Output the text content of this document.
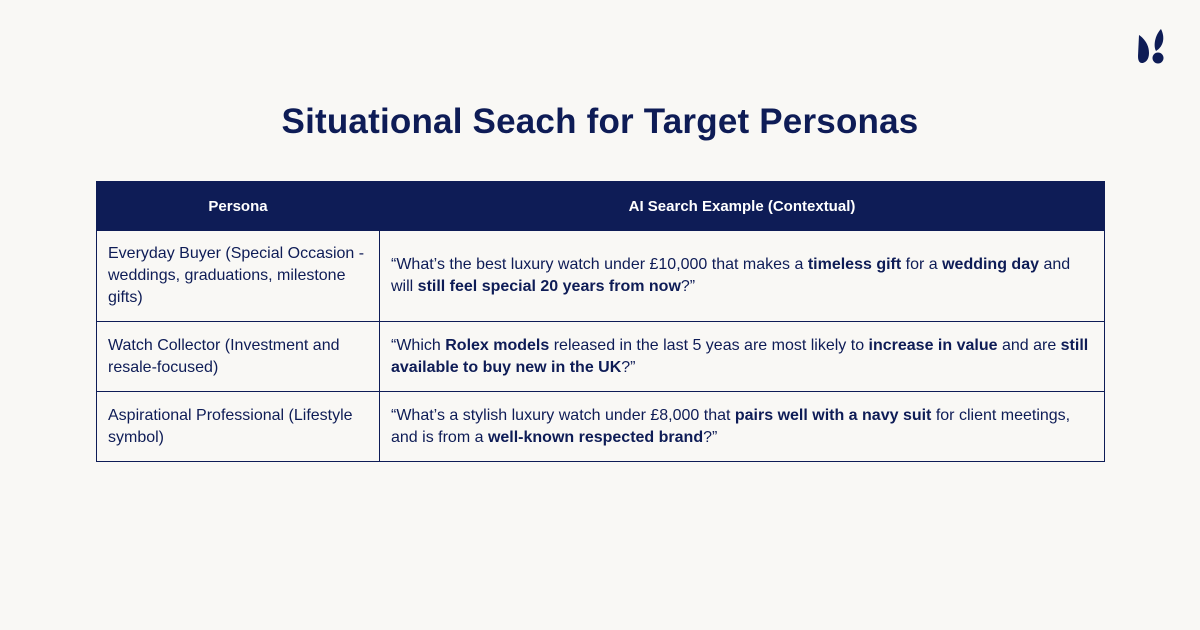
Situational Seach for Target Personas
Persona	AI Search Example (Contextual)
Everyday Buyer (Special Occasion - weddings, graduations, milestone gifts)	“What’s the best luxury watch under £10,000 that makes a timeless gift for a wedding day and will still feel special 20 years from now?”
Watch Collector (Investment and resale-focused)	“Which Rolex models released in the last 5 yeas are most likely to increase in value and are still available to buy new in the UK?”
Aspirational Professional (Lifestyle symbol)	“What’s a stylish luxury watch under £8,000 that pairs well with a navy suit for client meetings, and is from a well-known respected brand?”
